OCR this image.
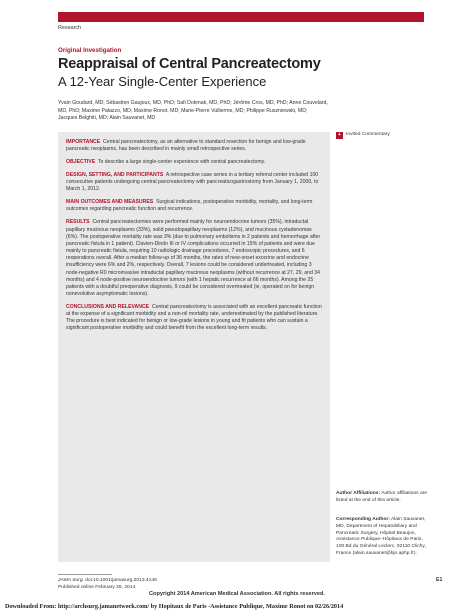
Research
Original Investigation
Reappraisal of Central Pancreatectomy
A 12-Year Single-Center Experience
Yvain Goudard, MD; Sébastien Gaujoux, MD, PhD; Safi Dokmak, MD, PhD; Jérôme Cros, MD, PhD; Anne Couvelard, MD, PhD; Maxime Palazzo, MD; Maxime Ronot, MD; Marie-Pierre Vullierme, MD; Philippe Ruszniewski, MD; Jacques Belghiti, MD; Alain Sauvanet, MD

IMPORTANCE Central pancreatectomy, as an alternative to standard resection for benign and low-grade pancreatic neoplasms, has been described in mainly small retrospective series.

OBJECTIVE To describe a large single-center experience with central pancreatectomy.

DESIGN, SETTING, AND PARTICIPANTS A retrospective case series in a tertiary referral center included 100 consecutive patients undergoing central pancreatectomy with pancreaticogastrostomy from January 1, 2000, to March 1, 2012.

MAIN OUTCOMES AND MEASURES Surgical indications, postoperative morbidity, mortality, and long-term outcomes regarding pancreatic function and recurrence.

RESULTS Central pancreatectomies were performed mainly for neuroendocrine tumors (35%), intraductal papillary mucinous neoplasms (33%), solid pseudopapillary neoplasms (12%), and mucinous cystadenomas (6%). The postoperative mortality rate was 3% (due to pulmonary embolisms in 2 patients and hemorrhage after pancreatic fistula in 1 patient). Clavien-Dindo III or IV complications occurred in 15% of patients and were due mainly to pancreatic fistula, requiring 10 radiologic drainage procedures, 7 endoscopic procedures, and 6 reoperations overall. After a median follow-up of 36 months, the rates of new-onset exocrine and endocrine insufficiency were 6% and 2%, respectively. Overall, 7 lesions could be considered undertreated, including 3 node-negative R0 microinvasive intraductal papillary mucinous neoplasms (without recurrence at 27, 29, and 34 months) and 4 node-positive neuroendocrine tumors (with 1 hepatic recurrence at 66 months). Among the 25 patients with a doubtful preoperative diagnosis, 9 could be considered overtreated (ie, operated on for benign nonevolutive asymptomatic lesions).

CONCLUSIONS AND RELEVANCE Central pancreatectomy is associated with an excellent pancreatic function at the expense of a significant morbidity and a non-nil mortality rate, underestimated by the published literature. The procedure is best indicated for benign or low-grade lesions in young and fit patients who can sustain a significant postoperative morbidity and could benefit from the excellent long-term results.

+	Invited Commentary
Author Affiliations: Author affiliations are listed at the end of this article.
Corresponding Author: Alain Sauvanet, MD, Department of Hepatobiliary and Pancreatic Surgery, Hôpital Beaujon, Assistance Publique–Hôpitaux de Paris, 100 Bd du Général Leclerc, 92110 Clichy, France (alain.sauvanet@bjn.aphp.fr).
JAMA Surg. doi:10.1001/jamasurg.2013.4146
Published online February 26, 2014.
E1
Copyright 2014 American Medical Association. All rights reserved.
Downloaded From: http://archsurg.jamanetwork.com/ by Hopitaux de Paris -Assistance Publique, Maxime Ronot on 02/26/2014
